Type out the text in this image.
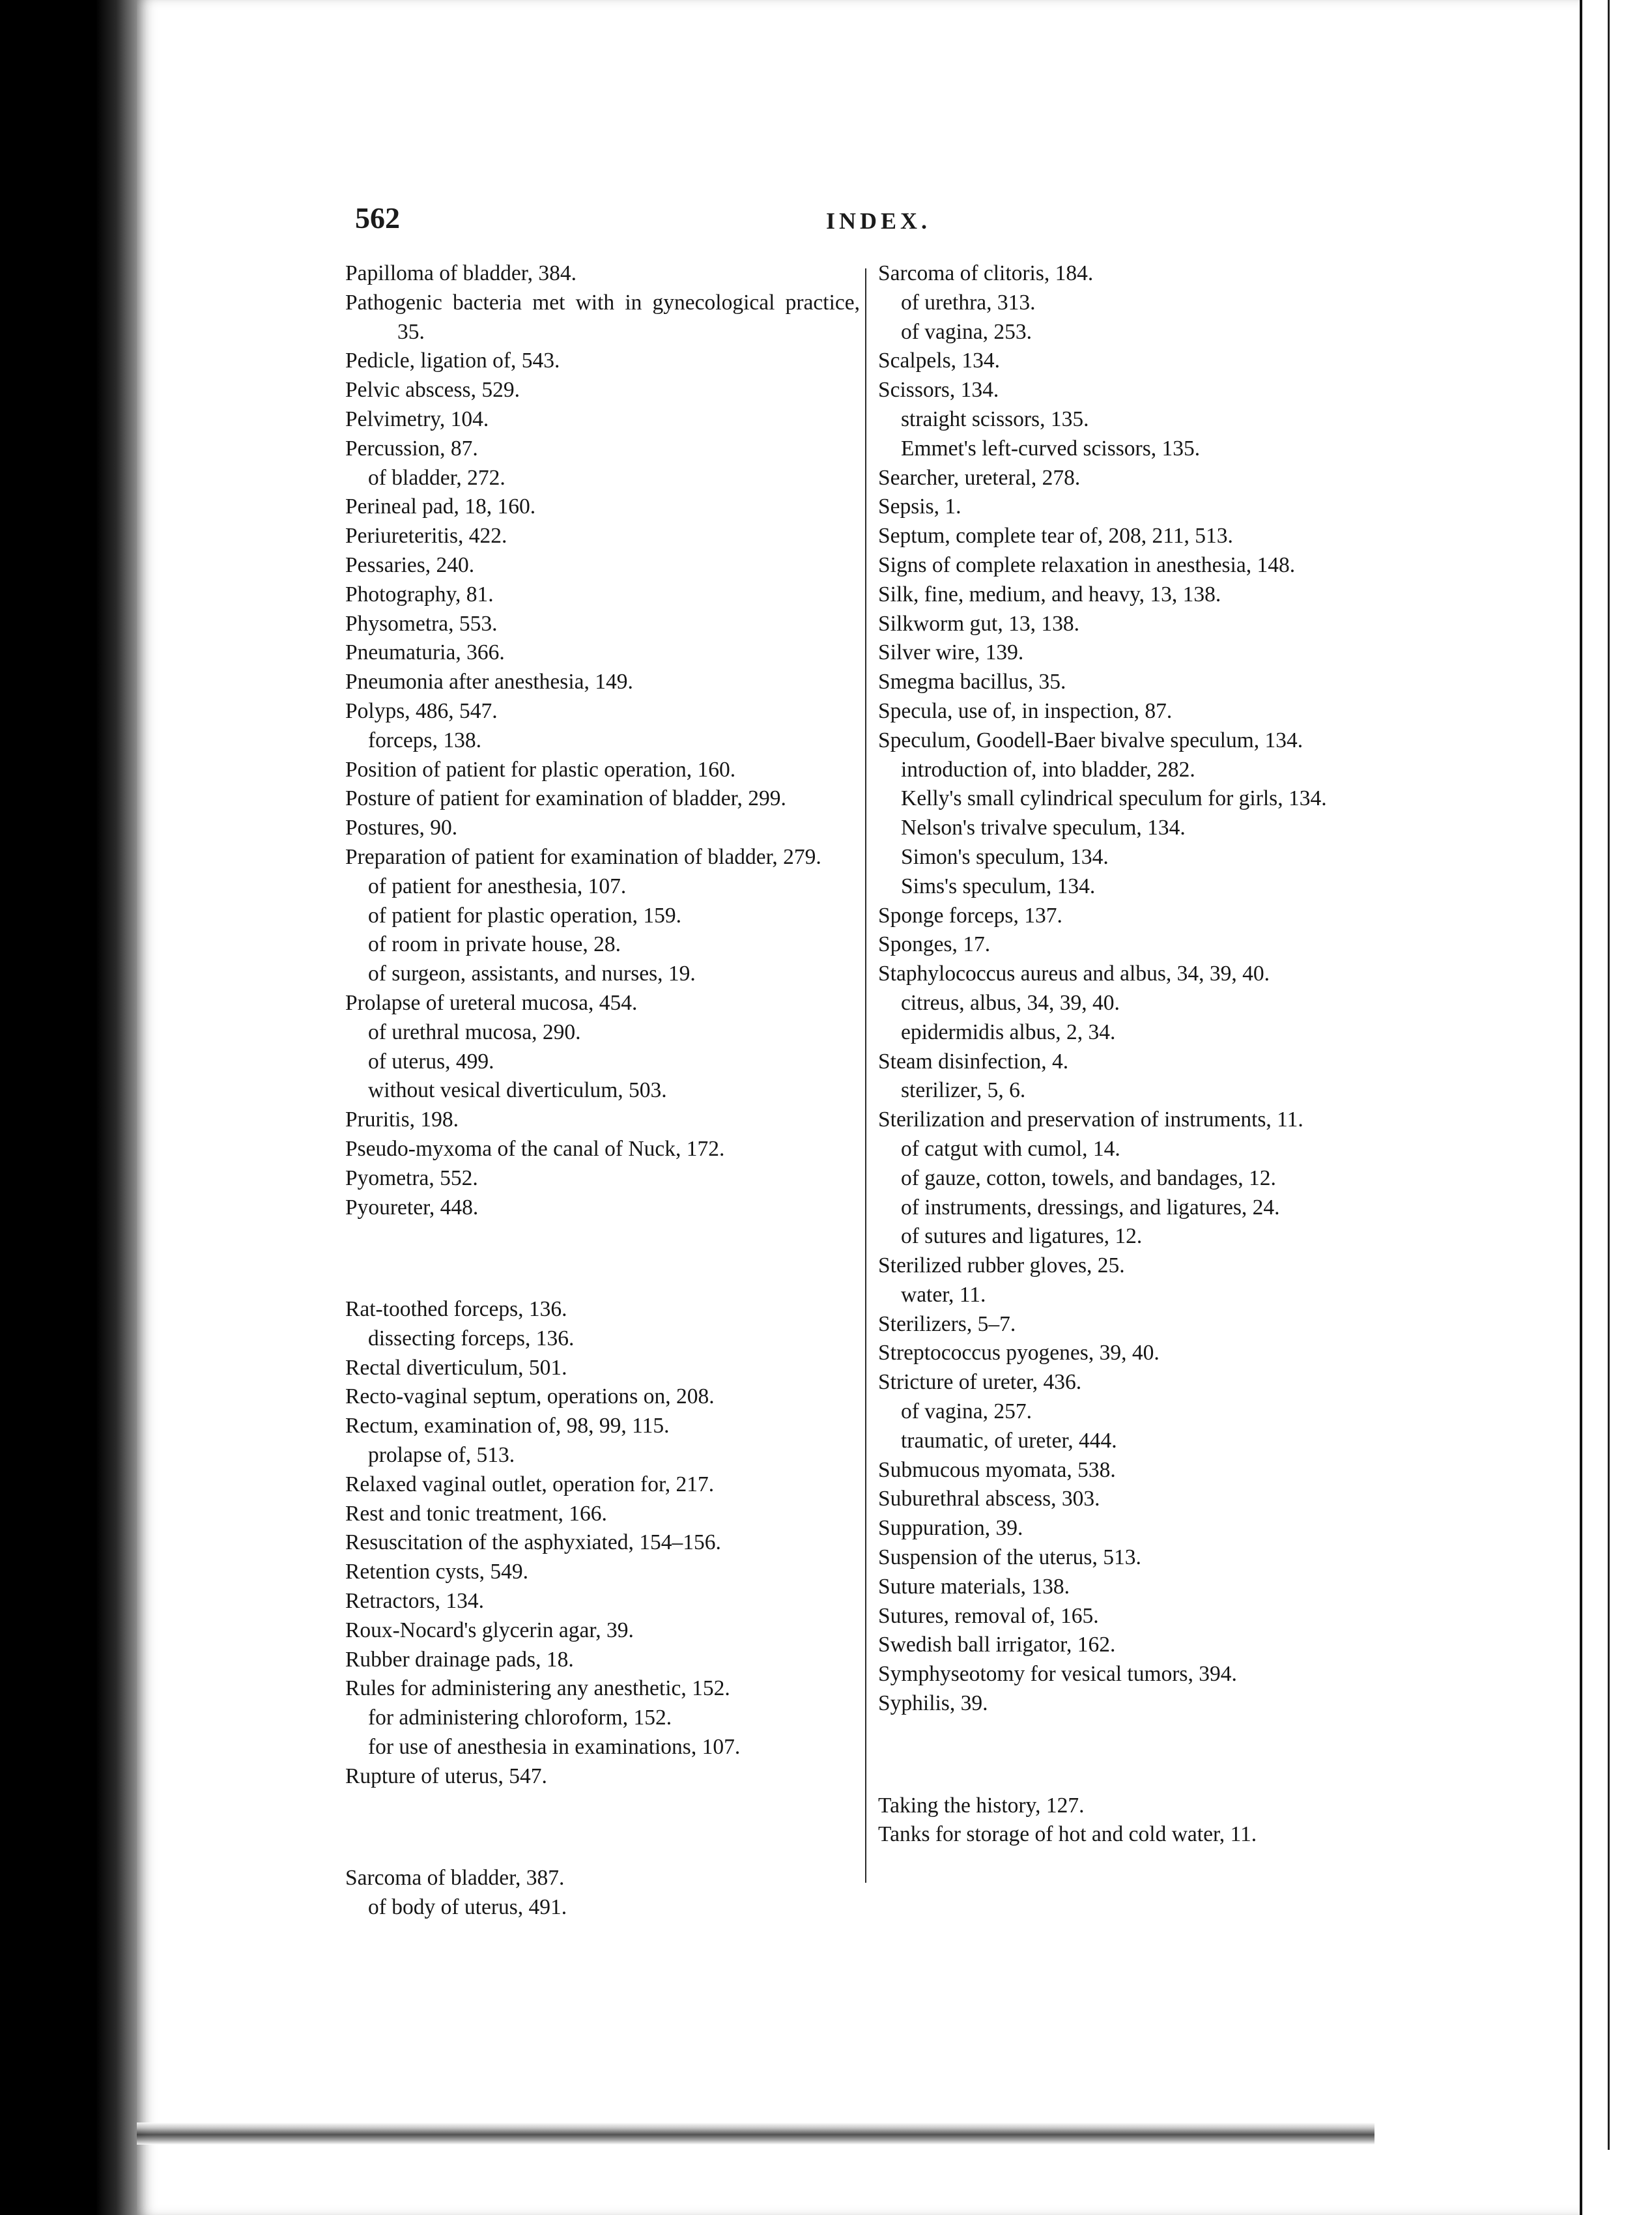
562	INDEX.

Papilloma of bladder, 384.

Pathogenic bacteria met with in gynecological practice, 35.

Pedicle, ligation of, 543.

Pelvic abscess, 529.

Pelvimetry, 104.

Percussion, 87.

of bladder, 272.

Perineal pad, 18, 160.

Periureteritis, 422.

Pessaries, 240.

Photography, 81.

Physometra, 553.

Pneumaturia, 366.

Pneumonia after anesthesia, 149.

Polyps, 486, 547.

forceps, 138.

Position of patient for plastic operation, 160.

Posture of patient for examination of bladder, 299.

Postures, 90.

Preparation of patient for examination of bladder, 279.

of patient for anesthesia, 107.

of patient for plastic operation, 159.

of room in private house, 28.

of surgeon, assistants, and nurses, 19.

Prolapse of ureteral mucosa, 454.

of urethral mucosa, 290.

of uterus, 499.

without vesical diverticulum, 503.

Pruritis, 198.

Pseudo-myxoma of the canal of Nuck, 172.

Pyometra, 552.

Pyoureter, 448.

Rat-toothed forceps, 136.

dissecting forceps, 136.

Rectal diverticulum, 501.

Recto-vaginal septum, operations on, 208.

Rectum, examination of, 98, 99, 115.

prolapse of, 513.

Relaxed vaginal outlet, operation for, 217.

Rest and tonic treatment, 166.

Resuscitation of the asphyxiated, 154–156.

Retention cysts, 549.

Retractors, 134.

Roux-Nocard's glycerin agar, 39.

Rubber drainage pads, 18.

Rules for administering any anesthetic, 152.

for administering chloroform, 152.

for use of anesthesia in examinations, 107.

Rupture of uterus, 547.

Sarcoma of bladder, 387.

of body of uterus, 491.

Sarcoma of clitoris, 184.

of urethra, 313.

of vagina, 253.

Scalpels, 134.

Scissors, 134.

straight scissors, 135.

Emmet's left-curved scissors, 135.

Searcher, ureteral, 278.

Sepsis, 1.

Septum, complete tear of, 208, 211, 513.

Signs of complete relaxation in anesthesia, 148.

Silk, fine, medium, and heavy, 13, 138.

Silkworm gut, 13, 138.

Silver wire, 139.

Smegma bacillus, 35.

Specula, use of, in inspection, 87.

Speculum, Goodell-Baer bivalve speculum, 134.

introduction of, into bladder, 282.

Kelly's small cylindrical speculum for girls, 134.

Nelson's trivalve speculum, 134.

Simon's speculum, 134.

Sims's speculum, 134.

Sponge forceps, 137.

Sponges, 17.

Staphylococcus aureus and albus, 34, 39, 40.

citreus, albus, 34, 39, 40.

epidermidis albus, 2, 34.

Steam disinfection, 4.

sterilizer, 5, 6.

Sterilization and preservation of instruments, 11.

of catgut with cumol, 14.

of gauze, cotton, towels, and bandages, 12.

of instruments, dressings, and ligatures, 24.

of sutures and ligatures, 12.

Sterilized rubber gloves, 25.

water, 11.

Sterilizers, 5–7.

Streptococcus pyogenes, 39, 40.

Stricture of ureter, 436.

of vagina, 257.

traumatic, of ureter, 444.

Submucous myomata, 538.

Suburethral abscess, 303.

Suppuration, 39.

Suspension of the uterus, 513.

Suture materials, 138.

Sutures, removal of, 165.

Swedish ball irrigator, 162.

Symphyseotomy for vesical tumors, 394.

Syphilis, 39.

Taking the history, 127.

Tanks for storage of hot and cold water, 11.
